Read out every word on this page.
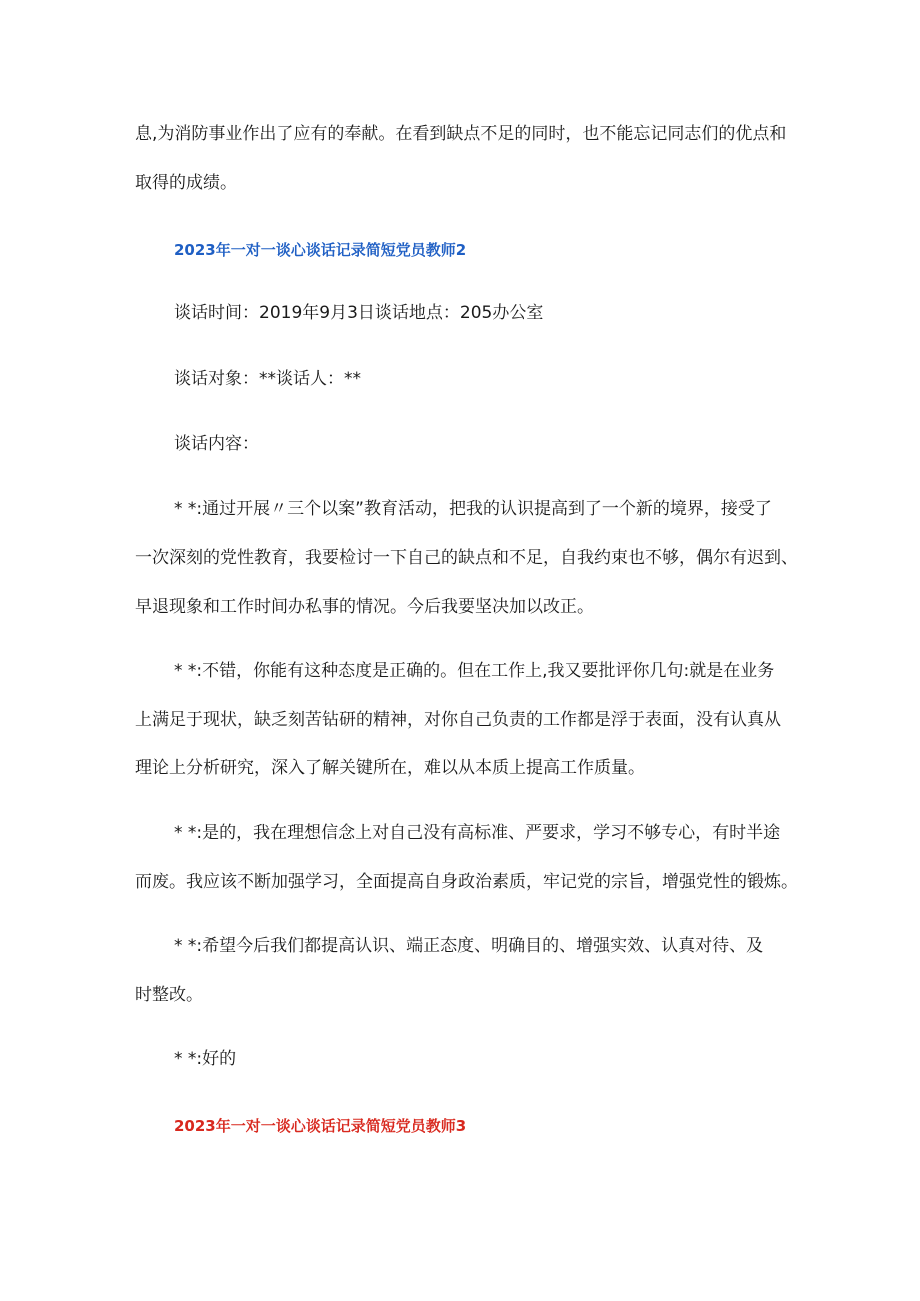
息,为消防事业作出了应有的奉献。在看到缺点不足的同时，也不能忘记同志们的优点和

取得的成绩。

2023年一对一谈心谈话记录简短党员教师2

谈话时间：2019年9月3日谈话地点：205办公室

谈话对象：**谈话人：**

谈话内容：

* *:通过开展〃三个以案”教育活动，把我的认识提高到了一个新的境界，接受了

一次深刻的党性教育，我要检讨一下自己的缺点和不足，自我约束也不够，偶尔有迟到、

早退现象和工作时间办私事的情况。今后我要坚决加以改正。

* *:不错，你能有这种态度是正确的。但在工作上,我又要批评你几句:就是在业务

上满足于现状，缺乏刻苦钻研的精神，对你自己负责的工作都是浮于表面，没有认真从

理论上分析研究，深入了解关键所在，难以从本质上提高工作质量。

* *:是的，我在理想信念上对自己没有高标准、严要求，学习不够专心，有时半途

而废。我应该不断加强学习，全面提高自身政治素质，牢记党的宗旨，增强党性的锻炼。

* *:希望今后我们都提高认识、端正态度、明确目的、增强实效、认真对待、及

时整改。

* *:好的

2023年一对一谈心谈话记录简短党员教师3
